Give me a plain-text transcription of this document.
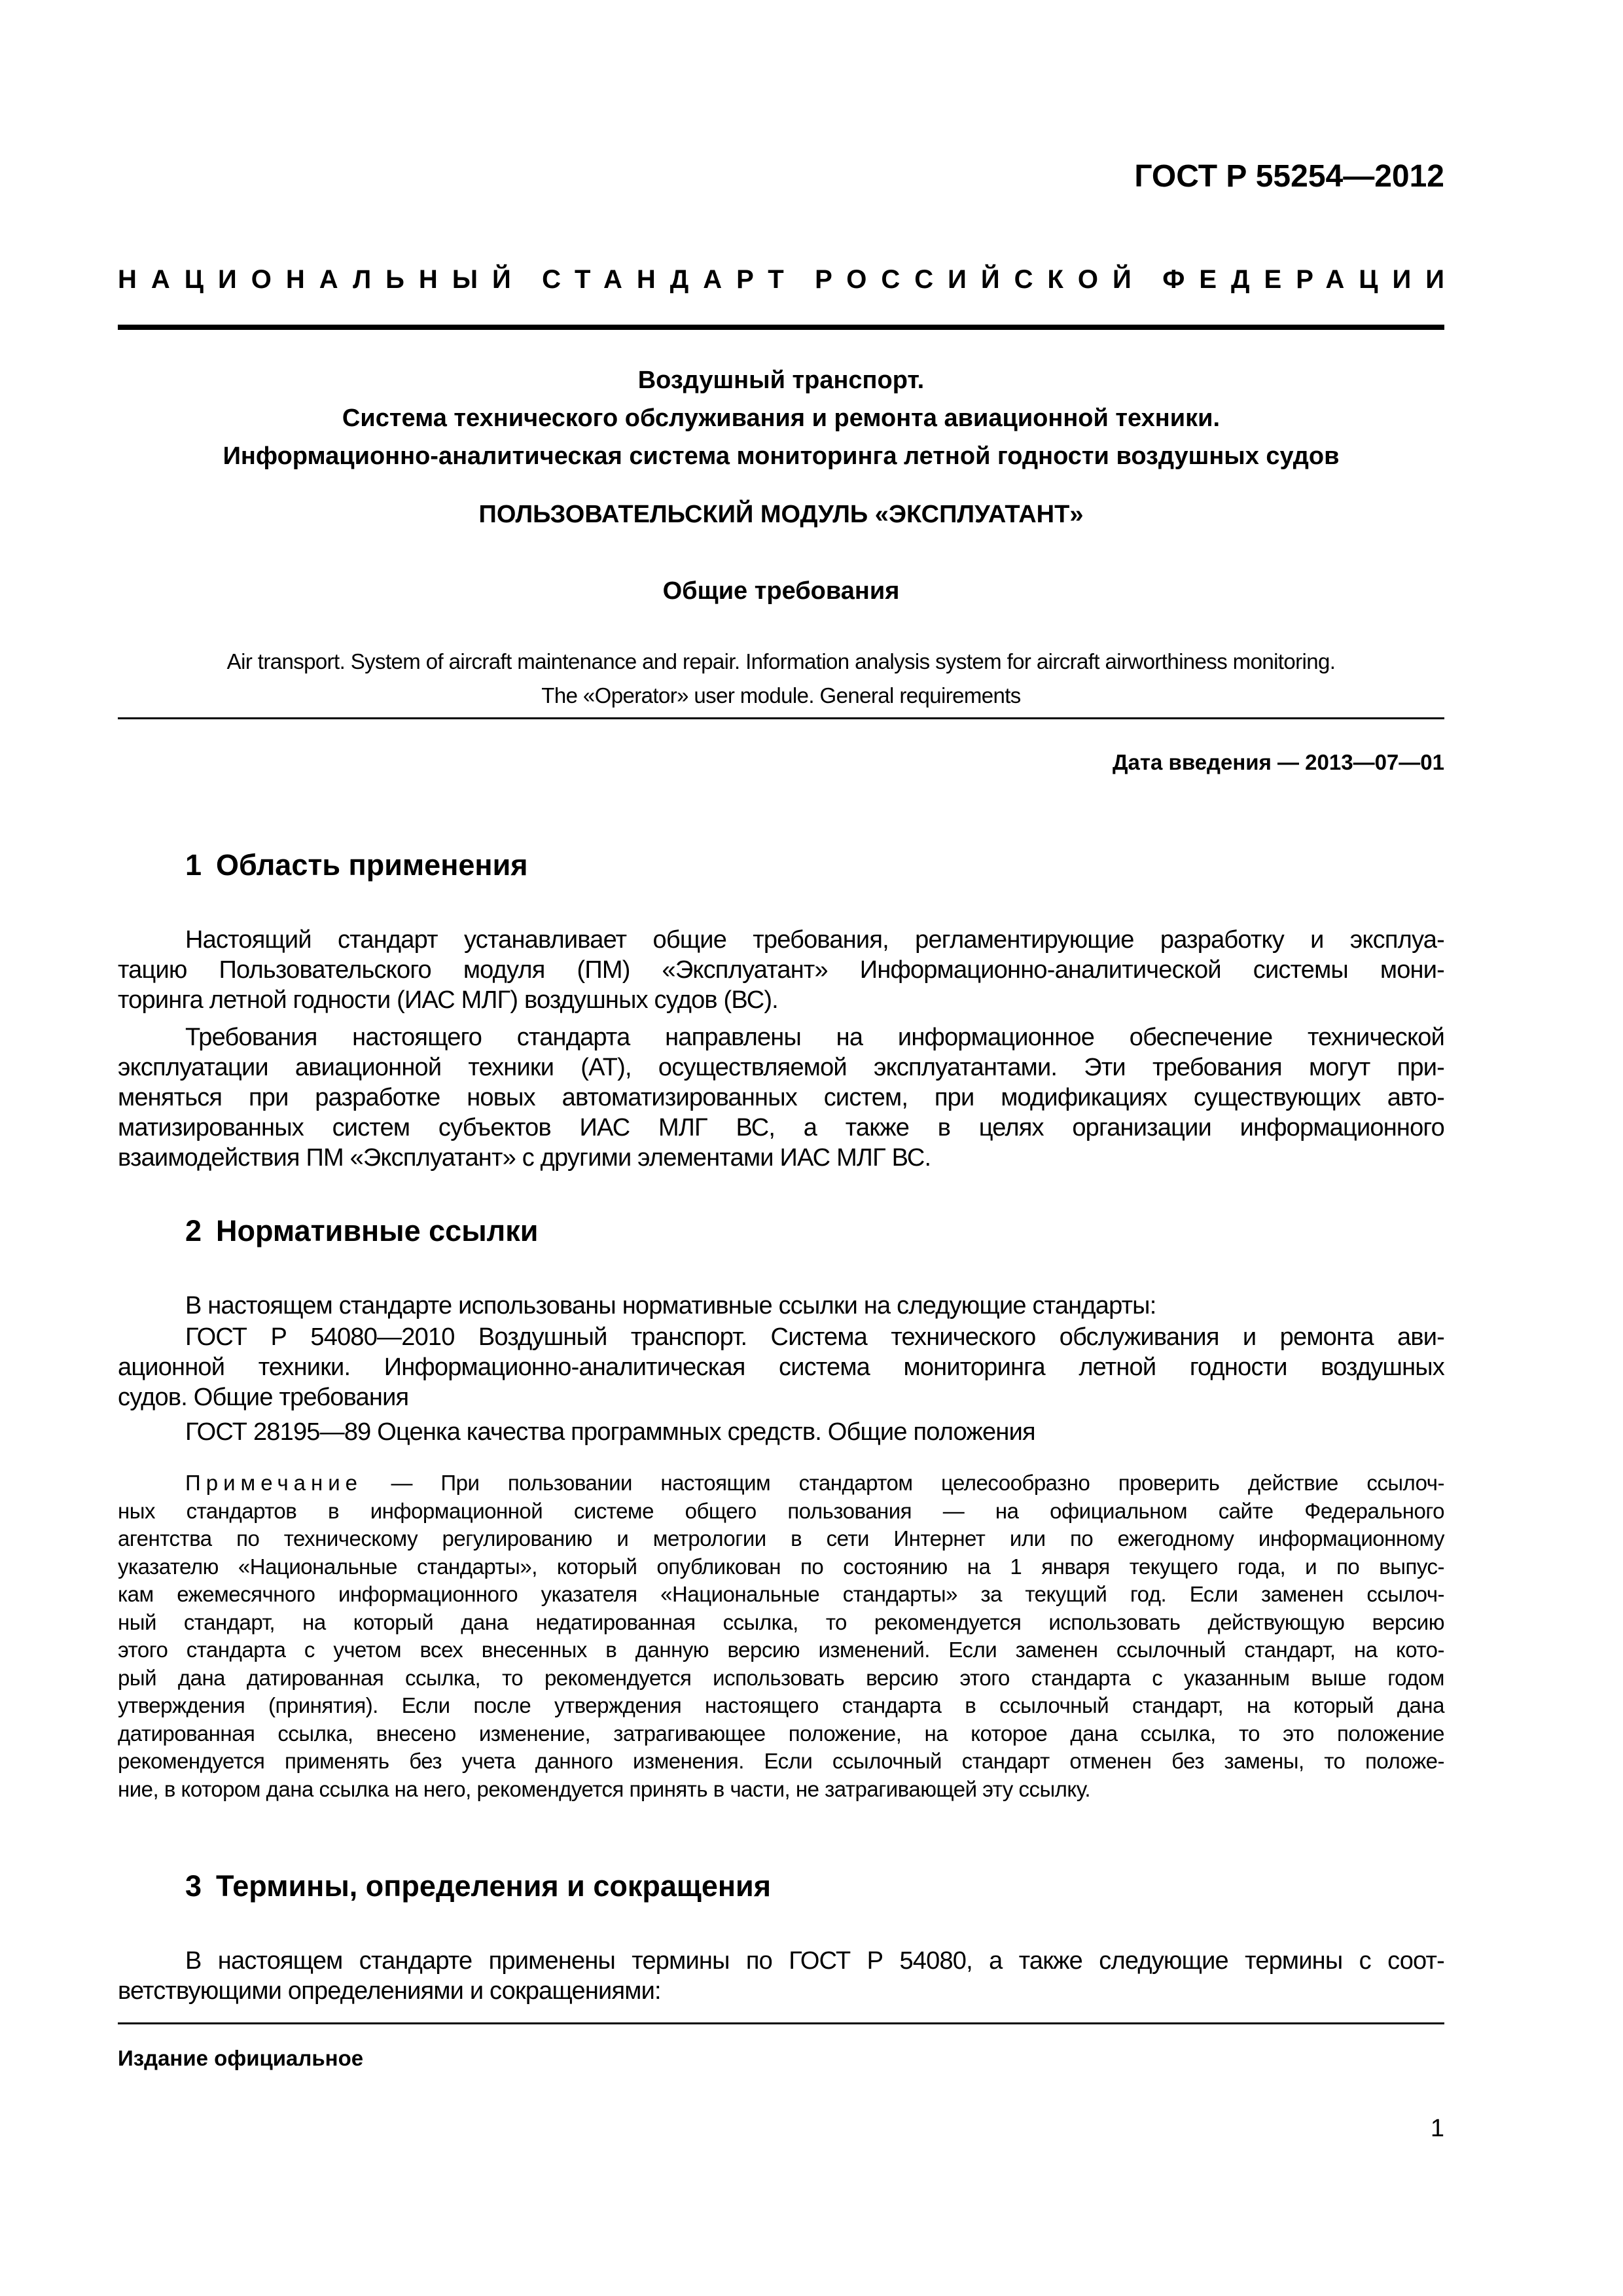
ГОСТ Р 55254—2012
НАЦИОНАЛЬНЫЙ СТАНДАРТ РОССИЙСКОЙ ФЕДЕРАЦИИ
Воздушный транспорт.
Система технического обслуживания и ремонта авиационной техники.
Информационно-аналитическая система мониторинга летной годности воздушных судов
ПОЛЬЗОВАТЕЛЬСКИЙ МОДУЛЬ «ЭКСПЛУАТАНТ»
Общие требования
Air transport. System of aircraft maintenance and repair. Information analysis system for aircraft airworthiness monitoring.
The «Operator» user module. General requirements
Дата введения — 2013—07—01
1 Область применения
Настоящий стандарт устанавливает общие требования, регламентирующие разработку и эксплуа-
тацию Пользовательского модуля (ПМ) «Эксплуатант» Информационно-аналитической системы мони-
торинга летной годности (ИАС МЛГ) воздушных судов (ВС).
Требования настоящего стандарта направлены на информационное обеспечение технической
эксплуатации авиационной техники (АТ), осуществляемой эксплуатантами. Эти требования могут при-
меняться при разработке новых автоматизированных систем, при модификациях существующих авто-
матизированных систем субъектов ИАС МЛГ ВС, а также в целях организации информационного
взаимодействия ПМ «Эксплуатант» с другими элементами ИАС МЛГ ВС.
2 Нормативные ссылки
В настоящем стандарте использованы нормативные ссылки на следующие стандарты:
ГОСТ Р 54080—2010 Воздушный транспорт. Система технического обслуживания и ремонта ави-
ационной техники. Информационно-аналитическая система мониторинга летной годности воздушных
судов. Общие требования
ГОСТ 28195—89 Оценка качества программных средств. Общие положения
Примечание — При пользовании настоящим стандартом целесообразно проверить действие ссылоч-
ных стандартов в информационной системе общего пользования — на официальном сайте Федерального
агентства по техническому регулированию и метрологии в сети Интернет или по ежегодному информационному
указателю «Национальные стандарты», который опубликован по состоянию на 1 января текущего года, и по выпус-
кам ежемесячного информационного указателя «Национальные стандарты» за текущий год. Если заменен ссылоч-
ный стандарт, на который дана недатированная ссылка, то рекомендуется использовать действующую версию
этого стандарта с учетом всех внесенных в данную версию изменений. Если заменен ссылочный стандарт, на кото-
рый дана датированная ссылка, то рекомендуется использовать версию этого стандарта с указанным выше годом
утверждения (принятия). Если после утверждения настоящего стандарта в ссылочный стандарт, на который дана
датированная ссылка, внесено изменение, затрагивающее положение, на которое дана ссылка, то это положение
рекомендуется применять без учета данного изменения. Если ссылочный стандарт отменен без замены, то положе-
ние, в котором дана ссылка на него, рекомендуется принять в части, не затрагивающей эту ссылку.
3 Термины, определения и сокращения
В настоящем стандарте применены термины по ГОСТ Р 54080, а также следующие термины с соот-
ветствующими определениями и сокращениями:
Издание официальное
1
